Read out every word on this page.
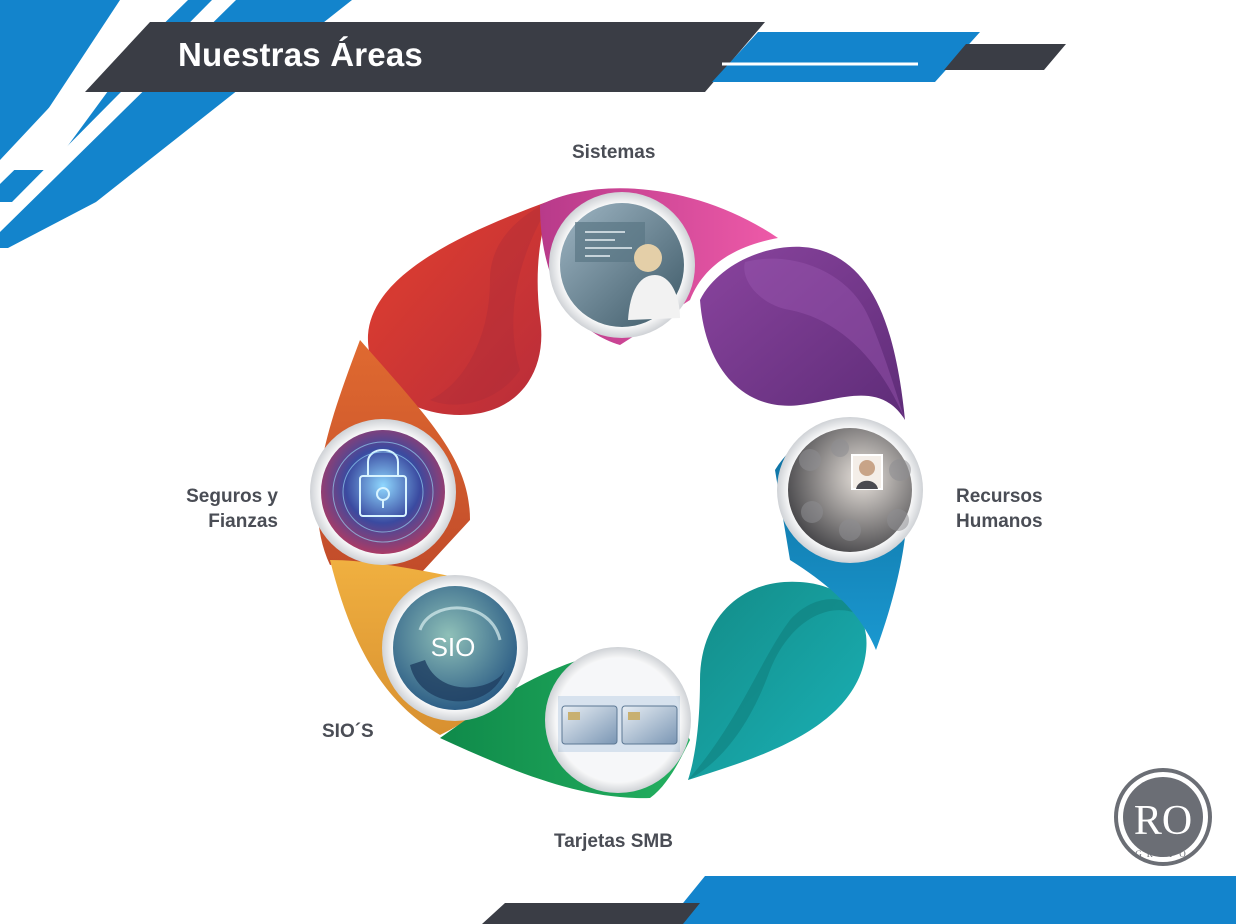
SIO
RO
GRUPO
Nuestras Áreas

Sistemas

Recursos
Humanos

Seguros y
Fianzas

SIO´S

Tarjetas SMB
